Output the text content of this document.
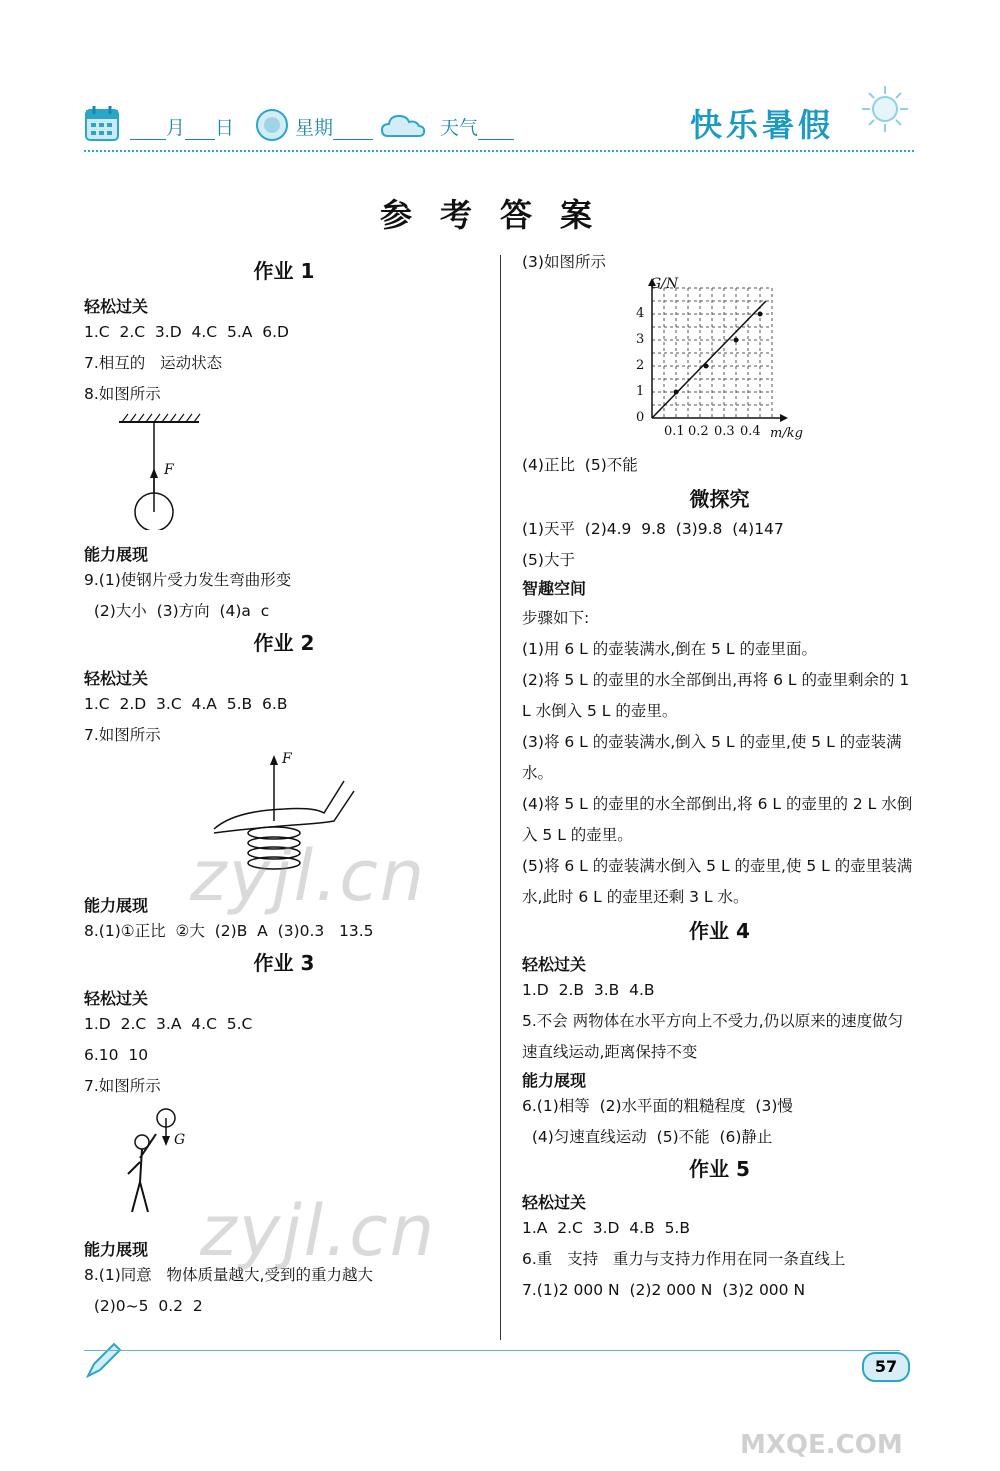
月 日	星期	天气	快乐暑假
参考答案

作业 1

轻松过关

1.C  2.C  3.D  4.C  5.A  6.D

7.相互的   运动状态

8.如图所示

F

能力展现

9.(1)使钢片受力发生弯曲形变

(2)大小  (3)方向  (4)a  c

作业 2

轻松过关

1.C  2.D  3.C  4.A  5.B  6.B

7.如图所示

F

能力展现

8.(1)①正比  ②大  (2)B  A  (3)0.3   13.5

作业 3

轻松过关

1.D  2.C  3.A  4.C  5.C

6.10  10

7.如图所示

G

能力展现

8.(1)同意   物体质量越大,受到的重力越大

(2)0~5  0.2  2

(3)如图所示

G/N
0
1
2
3
4
0.1 0.2 0.3 0.4 m/kg

(4)正比  (5)不能

微探究

(1)天平  (2)4.9  9.8  (3)9.8  (4)147

(5)大于

智趣空间

步骤如下:

(1)用 6 L 的壶装满水,倒在 5 L 的壶里面。

(2)将 5 L 的壶里的水全部倒出,再将 6 L 的壶里剩余的 1 L 水倒入 5 L 的壶里。

(3)将 6 L 的壶装满水,倒入 5 L 的壶里,使 5 L 的壶装满水。

(4)将 5 L 的壶里的水全部倒出,将 6 L 的壶里的 2 L 水倒入 5 L 的壶里。

(5)将 6 L 的壶装满水倒入 5 L 的壶里,使 5 L 的壶里装满水,此时 6 L 的壶里还剩 3 L 水。

作业 4

轻松过关

1.D  2.B  3.B  4.B

5.不会 两物体在水平方向上不受力,仍以原来的速度做匀速直线运动,距离保持不变

能力展现

6.(1)相等  (2)水平面的粗糙程度  (3)慢

(4)匀速直线运动  (5)不能  (6)静止

作业 5

轻松过关

1.A  2.C  3.D  4.B  5.B

6.重   支持   重力与支持力作用在同一条直线上

7.(1)2 000 N  (2)2 000 N  (3)2 000 N

zyjl.cn
zyjl.cn
MXQE.COM
57
